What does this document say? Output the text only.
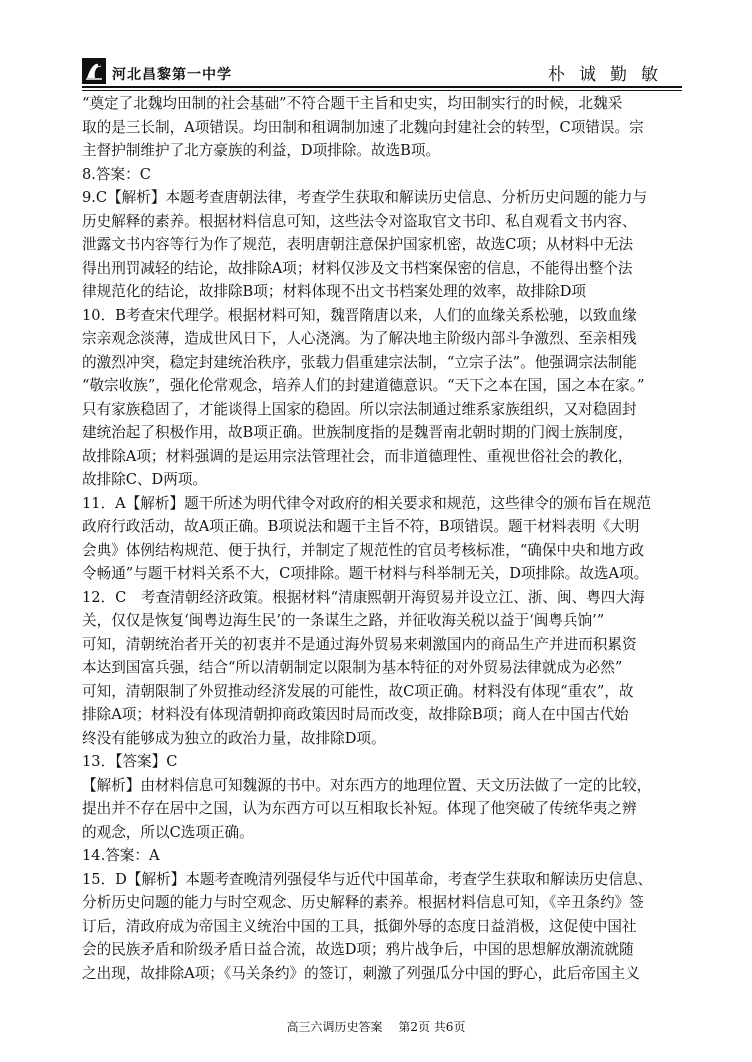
河北昌黎第一中学	朴诚勤敏
“奠定了北魏均田制的社会基础”不符合题干主旨和史实，均田制实行的时候，北魏采
取的是三长制，A项错误。均田制和租调制加速了北魏向封建社会的转型，C项错误。宗
主督护制维护了北方豪族的利益，D项排除。故选B项。
8.答案：C
9.C【解析】本题考查唐朝法律，考查学生获取和解读历史信息、分析历史问题的能力与
历史解释的素养。根据材料信息可知，这些法令对盗取官文书印、私自观看文书内容、
泄露文书内容等行为作了规范，表明唐朝注意保护国家机密，故选C项；从材料中无法
得出刑罚减轻的结论，故排除A项；材料仅涉及文书档案保密的信息，不能得出整个法
律规范化的结论，故排除B项；材料体现不出文书档案处理的效率，故排除D项
10．B考查宋代理学。根据材料可知，魏晋隋唐以来，人们的血缘关系松驰，以致血缘
宗亲观念淡薄，造成世风日下，人心浇漓。为了解决地主阶级内部斗争激烈、至亲相残
的激烈冲突，稳定封建统治秩序，张载力倡重建宗法制，“立宗子法”。他强调宗法制能
“敬宗收族”，强化伦常观念，培养人们的封建道德意识。“天下之本在国，国之本在家。”
只有家族稳固了，才能谈得上国家的稳固。所以宗法制通过维系家族组织，又对稳固封
建统治起了积极作用，故B项正确。世族制度指的是魏晋南北朝时期的门阀士族制度，
故排除A项；材料强调的是运用宗法管理社会，而非道德理性、重视世俗社会的教化，
故排除C、D两项。
11．A【解析】题干所述为明代律令对政府的相关要求和规范，这些律令的颁布旨在规范
政府行政活动，故A项正确。B项说法和题干主旨不符，B项错误。题干材料表明《大明
会典》体例结构规范、便于执行，并制定了规范性的官员考核标准，“确保中央和地方政
令畅通”与题干材料关系不大，C项排除。题干材料与科举制无关，D项排除。故选A项。
12．C　考查清朝经济政策。根据材料“清康熙朝开海贸易并设立江、浙、闽、粤四大海
关，仅仅是恢复‘闽粤边海生民’的一条谋生之路，并征收海关税以益于‘闽粤兵饷’”
可知，清朝统治者开关的初衷并不是通过海外贸易来刺激国内的商品生产并进而积累资
本达到国富兵强，结合“所以清朝制定以限制为基本特征的对外贸易法律就成为必然”
可知，清朝限制了外贸推动经济发展的可能性，故C项正确。材料没有体现“重农”，故
排除A项；材料没有体现清朝抑商政策因时局而改变，故排除B项；商人在中国古代始
终没有能够成为独立的政治力量，故排除D项。
13．【答案】C
【解析】由材料信息可知魏源的书中。对东西方的地理位置、天文历法做了一定的比较，
提出并不存在居中之国，认为东西方可以互相取长补短。体现了他突破了传统华夷之辨
的观念，所以C选项正确。
14.答案：A
15．D【解析】本题考查晚清列强侵华与近代中国革命，考查学生获取和解读历史信息、
分析历史问题的能力与时空观念、历史解释的素养。根据材料信息可知，《辛丑条约》签
订后，清政府成为帝国主义统治中国的工具，抵御外辱的态度日益消极，这促使中国社
会的民族矛盾和阶级矛盾日益合流，故选D项；鸦片战争后，中国的思想解放潮流就随
之出现，故排除A项；《马关条约》的签订，刺激了列强瓜分中国的野心，此后帝国主义
高三六调历史答案　 第2页 共6页
